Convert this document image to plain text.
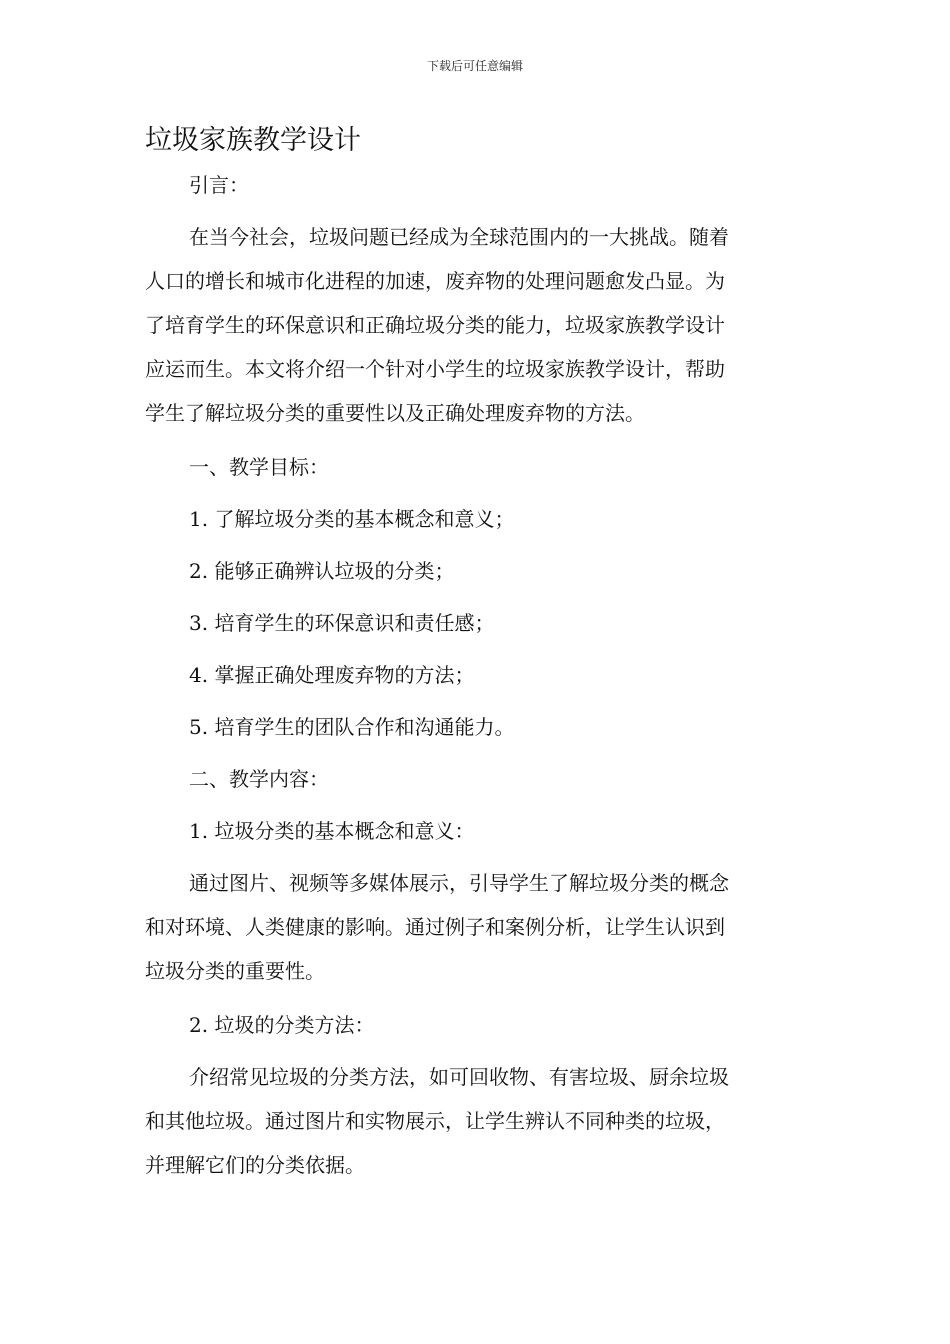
下载后可任意编辑
垃圾家族教学设计
引言：
在当今社会，垃圾问题已经成为全球范围内的一大挑战。随着
人口的增长和城市化进程的加速，废弃物的处理问题愈发凸显。为
了培育学生的环保意识和正确垃圾分类的能力，垃圾家族教学设计
应运而生。本文将介绍一个针对小学生的垃圾家族教学设计，帮助
学生了解垃圾分类的重要性以及正确处理废弃物的方法。
一、教学目标：
1. 了解垃圾分类的基本概念和意义；
2. 能够正确辨认垃圾的分类；
3. 培育学生的环保意识和责任感；
4. 掌握正确处理废弃物的方法；
5. 培育学生的团队合作和沟通能力。
二、教学内容：
1. 垃圾分类的基本概念和意义：
通过图片、视频等多媒体展示，引导学生了解垃圾分类的概念
和对环境、人类健康的影响。通过例子和案例分析，让学生认识到
垃圾分类的重要性。
2. 垃圾的分类方法：
介绍常见垃圾的分类方法，如可回收物、有害垃圾、厨余垃圾
和其他垃圾。通过图片和实物展示，让学生辨认不同种类的垃圾，
并理解它们的分类依据。
